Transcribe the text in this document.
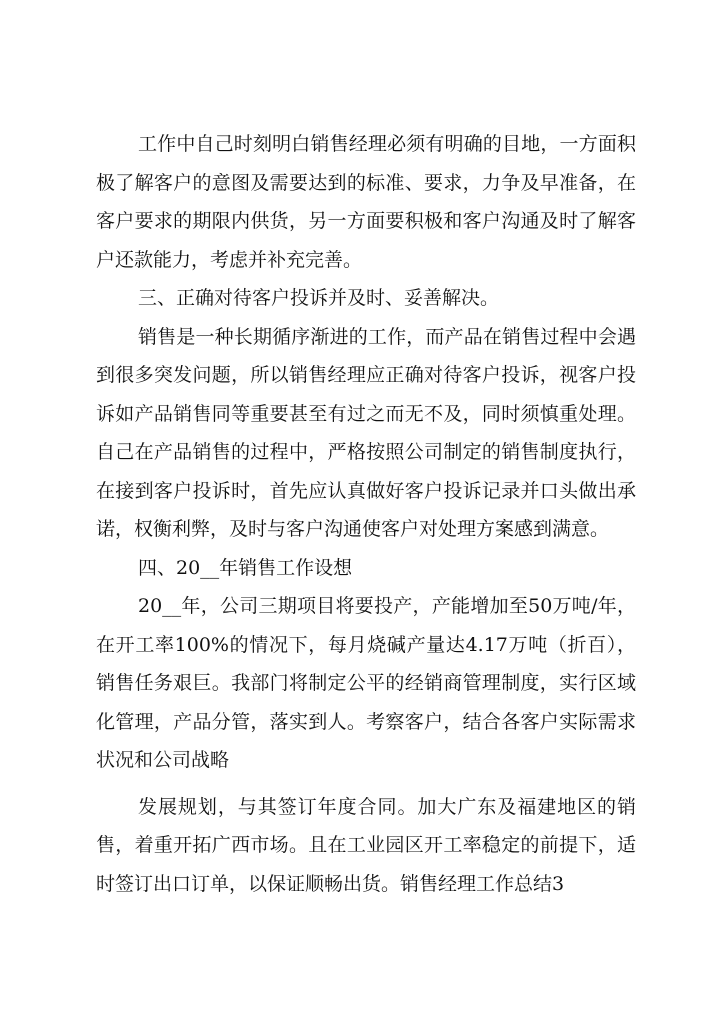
工作中自己时刻明白销售经理必须有明确的目地，一方面积
极了解客户的意图及需要达到的标准、要求，力争及早准备，在
客户要求的期限内供货，另一方面要积极和客户沟通及时了解客
户还款能力，考虑并补充完善。
三、正确对待客户投诉并及时、妥善解决。
销售是一种长期循序渐进的工作，而产品在销售过程中会遇
到很多突发问题，所以销售经理应正确对待客户投诉，视客户投
诉如产品销售同等重要甚至有过之而无不及，同时须慎重处理。
自己在产品销售的过程中，严格按照公司制定的销售制度执行，
在接到客户投诉时，首先应认真做好客户投诉记录并口头做出承
诺，权衡利弊，及时与客户沟通使客户对处理方案感到满意。
四、20__年销售工作设想
20__年，公司三期项目将要投产，产能增加至50万吨/年，
在开工率100%的情况下，每月烧碱产量达4.17万吨（折百），
销售任务艰巨。我部门将制定公平的经销商管理制度，实行区域
化管理，产品分管，落实到人。考察客户，结合各客户实际需求
状况和公司战略
发展规划，与其签订年度合同。加大广东及福建地区的销
售，着重开拓广西市场。且在工业园区开工率稳定的前提下，适
时签订出口订单，以保证顺畅出货。销售经理工作总结3
